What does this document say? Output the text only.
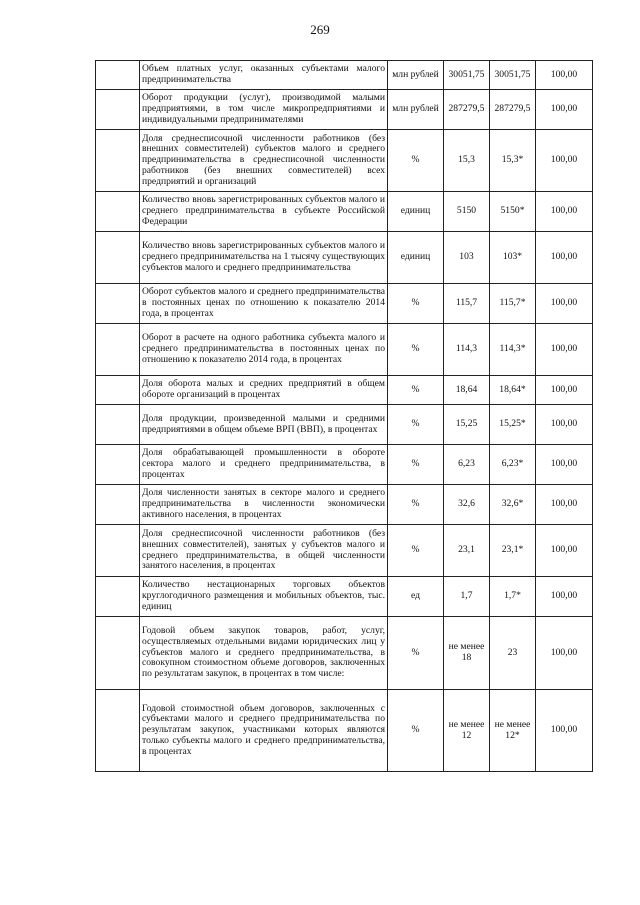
269
	Объем платных услуг, оказанных субъектами малого предпринимательства	млн рублей	30051,75	30051,75	100,00
	Оборот продукции (услуг), производимой малыми предприятиями, в том числе микропредприятиями и индивидуальными предпринимателями	млн рублей	287279,5	287279,5	100,00
	Доля среднесписочной численности работников (без внешних совместителей) субъектов малого и среднего предпринимательства в среднесписочной численности работников (без внешних совместителей) всех предприятий и организаций	%	15,3	15,3*	100,00
	Количество вновь зарегистрированных субъектов малого и среднего предпринимательства в субъекте Российской Федерации	единиц	5150	5150*	100,00
	Количество вновь зарегистрированных субъектов малого и среднего предпринимательства на 1 тысячу существующих субъектов малого и среднего предпринимательства	единиц	103	103*	100,00
	Оборот субъектов малого и среднего предпринимательства в постоянных ценах по отношению к показателю 2014 года, в процентах	%	115,7	115,7*	100,00
	Оборот в расчете на одного работника субъекта малого и среднего предпринимательства в постоянных ценах по отношению к показателю 2014 года, в процентах	%	114,3	114,3*	100,00
	Доля оборота малых и средних предприятий в общем обороте организаций в процентах	%	18,64	18,64*	100,00
	Доля продукции, произведенной малыми и средними предприятиями в общем объеме ВРП (ВВП), в процентах	%	15,25	15,25*	100,00
	Доля обрабатывающей промышленности в обороте сектора малого и среднего предпринимательства, в процентах	%	6,23	6,23*	100,00
	Доля численности занятых в секторе малого и среднего предпринимательства в численности экономически активного населения, в процентах	%	32,6	32,6*	100,00
	Доля среднесписочной численности работников (без внешних совместителей), занятых у субъектов малого и среднего предпринимательства, в общей численности занятого населения, в процентах	%	23,1	23,1*	100,00
	Количество нестационарных торговых объектов круглогодичного размещения и мобильных объектов, тыс. единиц	ед	1,7	1,7*	100,00
	Годовой объем закупок товаров, работ, услуг, осуществляемых отдельными видами юридических лиц у субъектов малого и среднего предпринимательства, в совокупном стоимостном объеме договоров, заключенных по результатам закупок, в процентах в том числе:	%	не менее 18	23	100,00
	Годовой стоимостной объем договоров, заключенных с субъектами малого и среднего предпринимательства по результатам закупок, участниками которых являются только субъекты малого и среднего предпринимательства, в процентах	%	не менее 12	не менее 12*	100,00
